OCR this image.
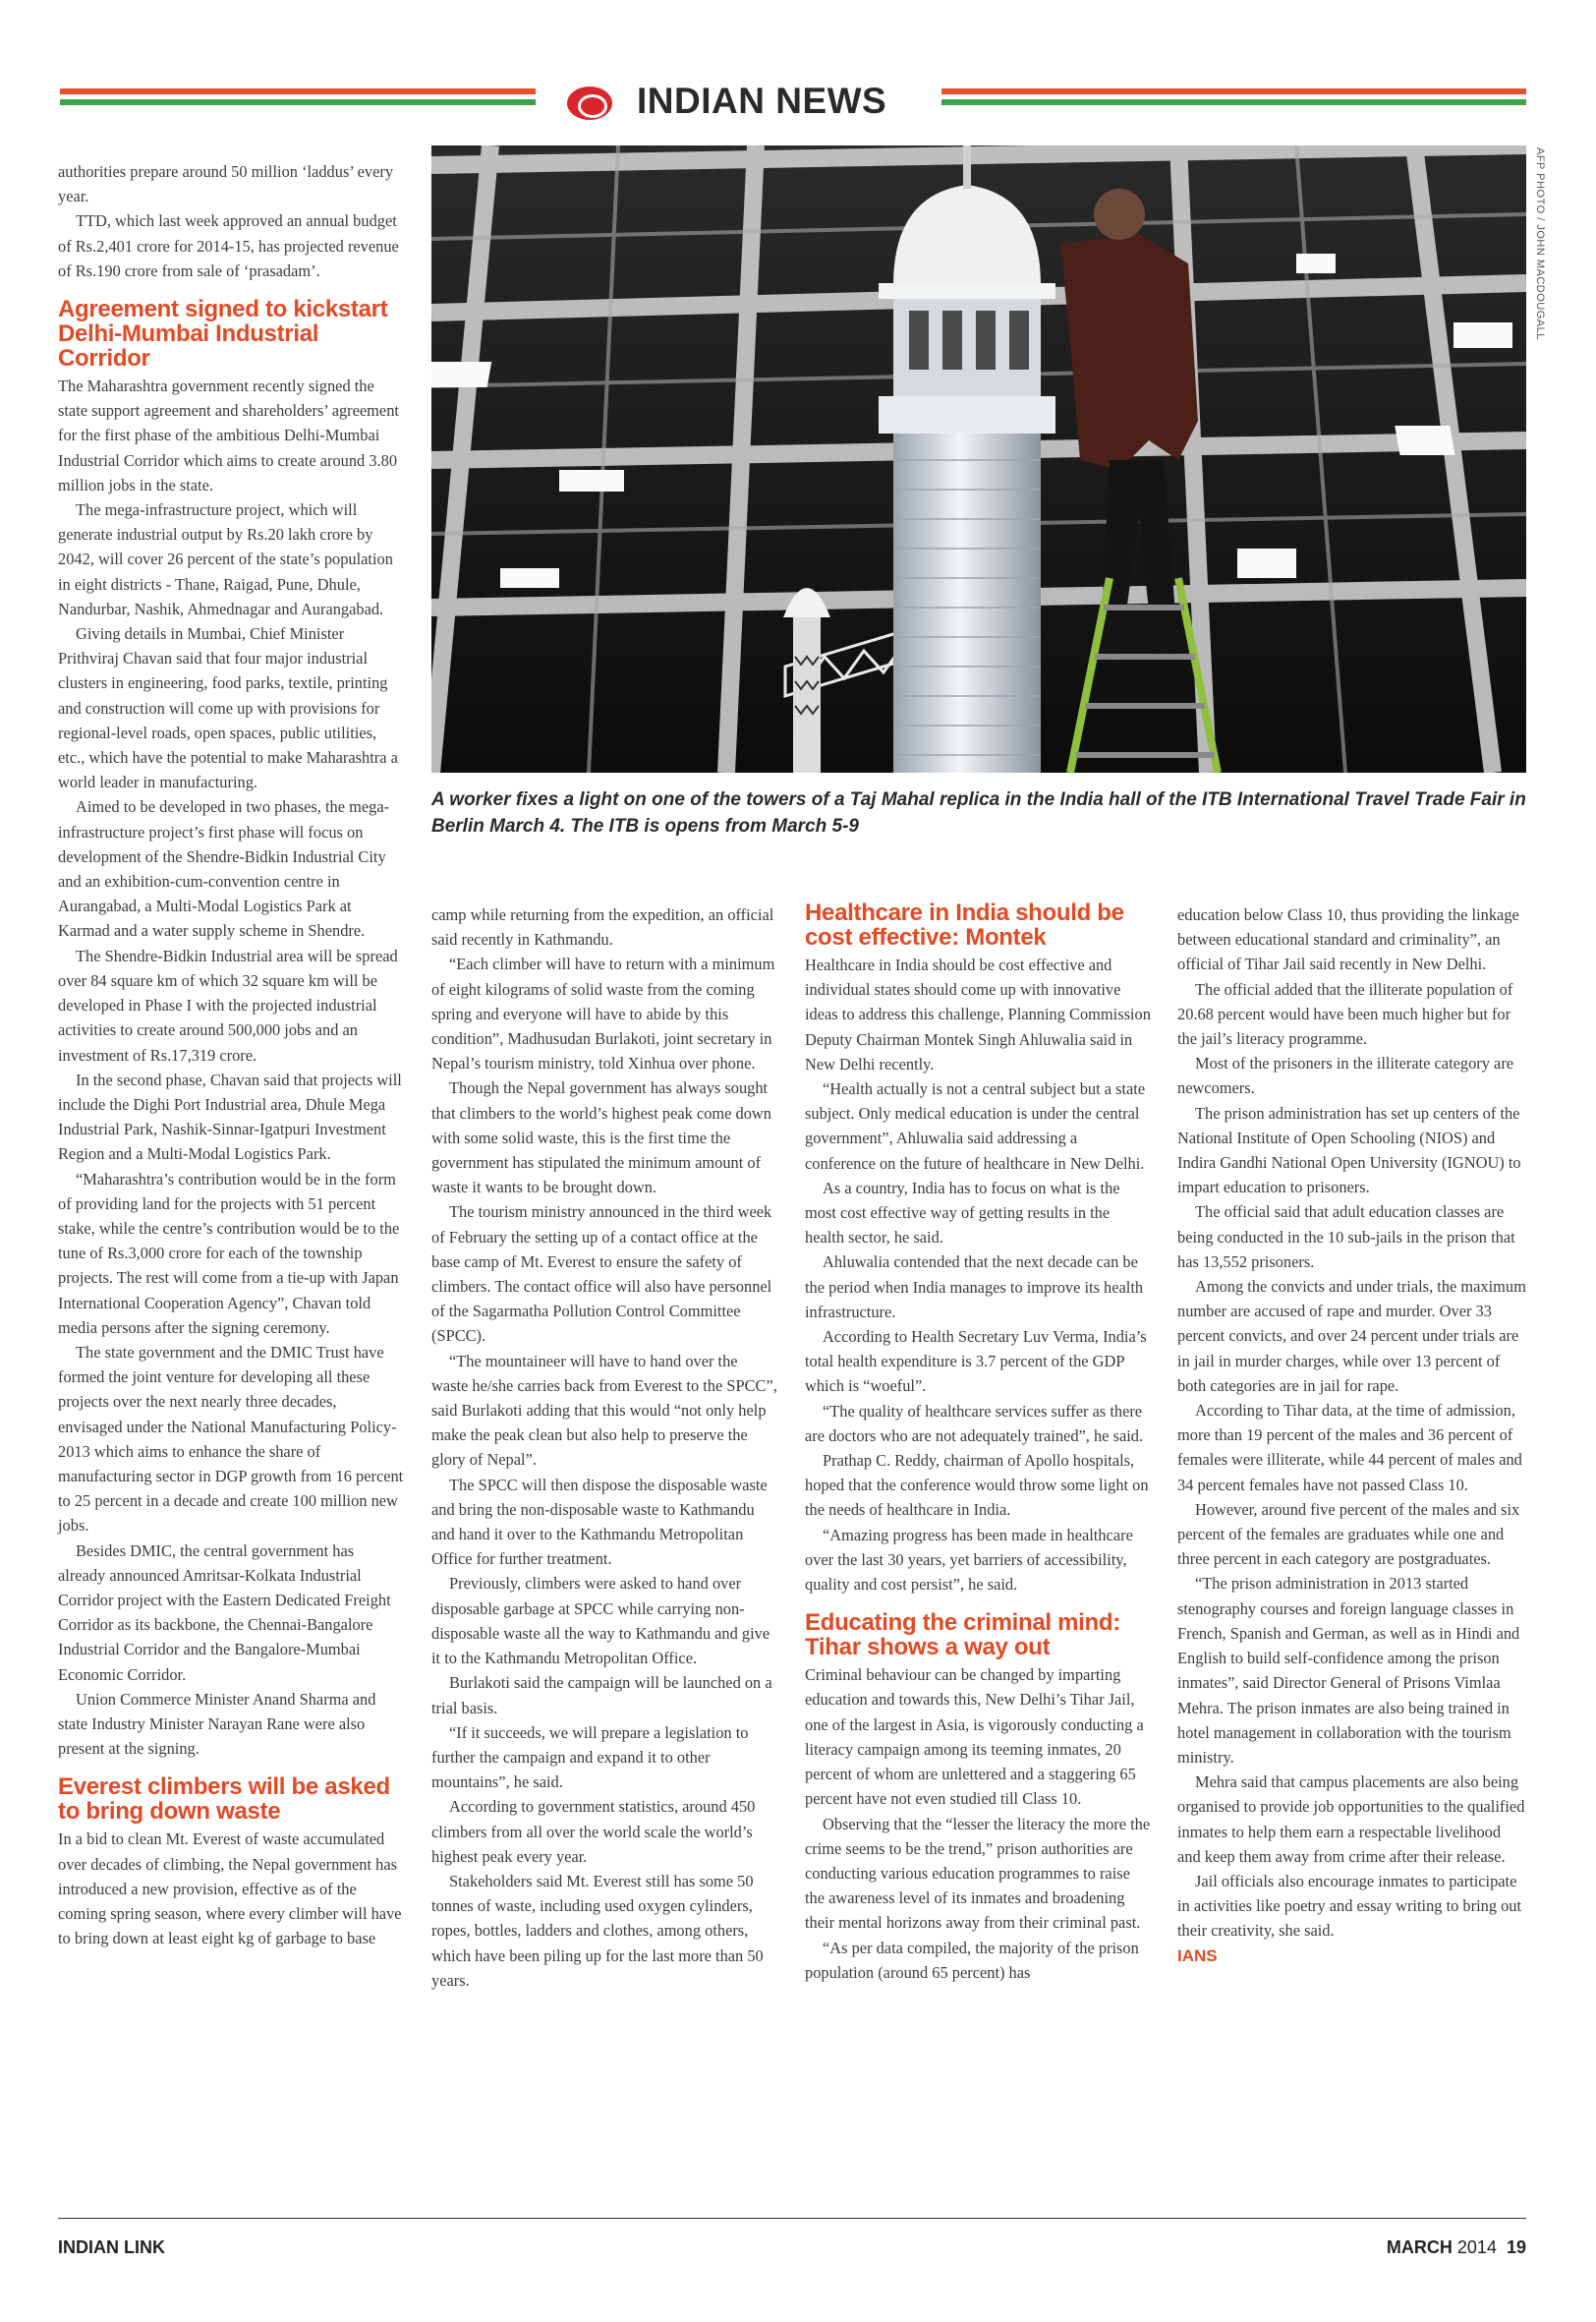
INDIAN NEWS
AFP PHOTO / JOHN MACDOUGALL
A worker fixes a light on one of the towers of a Taj Mahal replica in the India hall of the ITB International Travel Trade Fair in Berlin March 4. The ITB is opens from March 5-9

authorities prepare around 50 million ‘laddus’ every year.

TTD, which last week approved an annual budget of Rs.2,401 crore for 2014-15, has projected revenue of Rs.190 crore from sale of ‘prasadam’.

Agreement signed to kickstart Delhi-Mumbai Industrial Corridor

The Maharashtra government recently signed the state support agreement and shareholders’ agreement for the first phase of the ambitious Delhi-Mumbai Industrial Corridor which aims to create around 3.80 million jobs in the state.

The mega-infrastructure project, which will generate industrial output by Rs.20 lakh crore by 2042, will cover 26 percent of the state’s population in eight districts - Thane, Raigad, Pune, Dhule, Nandurbar, Nashik, Ahmednagar and Aurangabad.

Giving details in Mumbai, Chief Minister Prithviraj Chavan said that four major industrial clusters in engineering, food parks, textile, printing and construction will come up with provisions for regional-level roads, open spaces, public utilities, etc., which have the potential to make Maharashtra a world leader in manufacturing.

Aimed to be developed in two phases, the mega-infrastructure project’s first phase will focus on development of the Shendre-Bidkin Industrial City and an exhibition-cum-convention centre in Aurangabad, a Multi-Modal Logistics Park at Karmad and a water supply scheme in Shendre.

The Shendre-Bidkin Industrial area will be spread over 84 square km of which 32 square km will be developed in Phase I with the projected industrial activities to create around 500,000 jobs and an investment of Rs.17,319 crore.

In the second phase, Chavan said that projects will include the Dighi Port Industrial area, Dhule Mega Industrial Park, Nashik-Sinnar-Igatpuri Investment Region and a Multi-Modal Logistics Park.

“Maharashtra’s contribution would be in the form of providing land for the projects with 51 percent stake, while the centre’s contribution would be to the tune of Rs.3,000 crore for each of the township projects. The rest will come from a tie-up with Japan International Cooperation Agency”, Chavan told media persons after the signing ceremony.

The state government and the DMIC Trust have formed the joint venture for developing all these projects over the next nearly three decades, envisaged under the National Manufacturing Policy-2013 which aims to enhance the share of manufacturing sector in DGP growth from 16 percent to 25 percent in a decade and create 100 million new jobs.

Besides DMIC, the central government has already announced Amritsar-Kolkata Industrial Corridor project with the Eastern Dedicated Freight Corridor as its backbone, the Chennai-Bangalore Industrial Corridor and the Bangalore-Mumbai Economic Corridor.

Union Commerce Minister Anand Sharma and state Industry Minister Narayan Rane were also present at the signing.

Everest climbers will be asked to bring down waste

In a bid to clean Mt. Everest of waste accumulated over decades of climbing, the Nepal government has introduced a new provision, effective as of the coming spring season, where every climber will have to bring down at least eight kg of garbage to base

camp while returning from the expedition, an official said recently in Kathmandu.

“Each climber will have to return with a minimum of eight kilograms of solid waste from the coming spring and everyone will have to abide by this condition”, Madhusudan Burlakoti, joint secretary in Nepal’s tourism ministry, told Xinhua over phone.

Though the Nepal government has always sought that climbers to the world’s highest peak come down with some solid waste, this is the first time the government has stipulated the minimum amount of waste it wants to be brought down.

The tourism ministry announced in the third week of February the setting up of a contact office at the base camp of Mt. Everest to ensure the safety of climbers. The contact office will also have personnel of the Sagarmatha Pollution Control Committee (SPCC).

“The mountaineer will have to hand over the waste he/she carries back from Everest to the SPCC”, said Burlakoti adding that this would “not only help make the peak clean but also help to preserve the glory of Nepal”.

The SPCC will then dispose the disposable waste and bring the non-disposable waste to Kathmandu and hand it over to the Kathmandu Metropolitan Office for further treatment.

Previously, climbers were asked to hand over disposable garbage at SPCC while carrying non-disposable waste all the way to Kathmandu and give it to the Kathmandu Metropolitan Office.

Burlakoti said the campaign will be launched on a trial basis.

“If it succeeds, we will prepare a legislation to further the campaign and expand it to other mountains”, he said.

According to government statistics, around 450 climbers from all over the world scale the world’s highest peak every year.

Stakeholders said Mt. Everest still has some 50 tonnes of waste, including used oxygen cylinders, ropes, bottles, ladders and clothes, among others, which have been piling up for the last more than 50 years.

Healthcare in India should be cost effective: Montek

Healthcare in India should be cost effective and individual states should come up with innovative ideas to address this challenge, Planning Commission Deputy Chairman Montek Singh Ahluwalia said in New Delhi recently.

“Health actually is not a central subject but a state subject. Only medical education is under the central government”, Ahluwalia said addressing a conference on the future of healthcare in New Delhi.

As a country, India has to focus on what is the most cost effective way of getting results in the health sector, he said.

Ahluwalia contended that the next decade can be the period when India manages to improve its health infrastructure.

According to Health Secretary Luv Verma, India’s total health expenditure is 3.7 percent of the GDP which is “woeful”.

“The quality of healthcare services suffer as there are doctors who are not adequately trained”, he said.

Prathap C. Reddy, chairman of Apollo hospitals, hoped that the conference would throw some light on the needs of healthcare in India.

“Amazing progress has been made in healthcare over the last 30 years, yet barriers of accessibility, quality and cost persist”, he said.

Educating the criminal mind: Tihar shows a way out

Criminal behaviour can be changed by imparting education and towards this, New Delhi’s Tihar Jail, one of the largest in Asia, is vigorously conducting a literacy campaign among its teeming inmates, 20 percent of whom are unlettered and a staggering 65 percent have not even studied till Class 10.

Observing that the “lesser the literacy the more the crime seems to be the trend,” prison authorities are conducting various education programmes to raise the awareness level of its inmates and broadening their mental horizons away from their criminal past.

“As per data compiled, the majority of the prison population (around 65 percent) has

education below Class 10, thus providing the linkage between educational standard and criminality”, an official of Tihar Jail said recently in New Delhi.

The official added that the illiterate population of 20.68 percent would have been much higher but for the jail’s literacy programme.

Most of the prisoners in the illiterate category are newcomers.

The prison administration has set up centers of the National Institute of Open Schooling (NIOS) and Indira Gandhi National Open University (IGNOU) to impart education to prisoners.

The official said that adult education classes are being conducted in the 10 sub-jails in the prison that has 13,552 prisoners.

Among the convicts and under trials, the maximum number are accused of rape and murder. Over 33 percent convicts, and over 24 percent under trials are in jail in murder charges, while over 13 percent of both categories are in jail for rape.

According to Tihar data, at the time of admission, more than 19 percent of the males and 36 percent of females were illiterate, while 44 percent of males and 34 percent females have not passed Class 10.

However, around five percent of the males and six percent of the females are graduates while one and three percent in each category are postgraduates.

“The prison administration in 2013 started stenography courses and foreign language classes in French, Spanish and German, as well as in Hindi and English to build self-confidence among the prison inmates”, said Director General of Prisons Vimlaa Mehra. The prison inmates are also being trained in hotel management in collaboration with the tourism ministry.

Mehra said that campus placements are also being organised to provide job opportunities to the qualified inmates to help them earn a respectable livelihood and keep them away from crime after their release.

Jail officials also encourage inmates to participate in activities like poetry and essay writing to bring out their creativity, she said.

IANS

INDIAN LINK	MARCH 2014 19
